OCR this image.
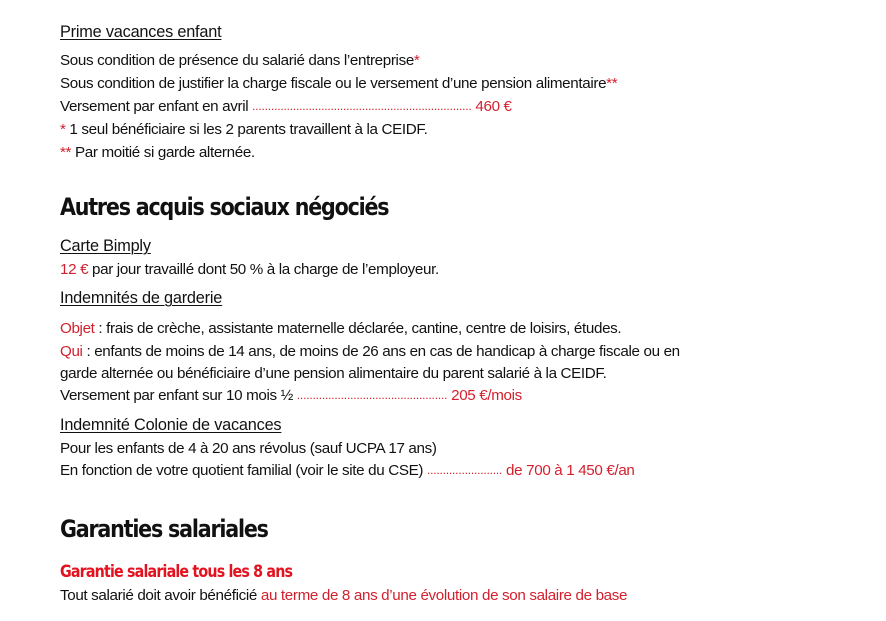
Prime vacances enfant
Sous condition de présence du salarié dans l’entreprise*
Sous condition de justifier la charge fiscale ou le versement d’une pension alimentaire**
Versement par enfant en avril ...................................................................... 460 €
* 1 seul bénéficiaire si les 2 parents travaillent à la CEIDF.
** Par moitié si garde alternée.
Autres acquis sociaux négociés
Carte Bimply
12 € par jour travaillé dont 50 % à la charge de l’employeur.
Indemnités de garderie
Objet : frais de crèche, assistante maternelle déclarée, cantine, centre de loisirs, études.
Qui : enfants de moins de 14 ans, de moins de 26 ans en cas de handicap à charge fiscale ou en
garde alternée ou bénéficiaire d’une pension alimentaire du parent salarié à la CEIDF.
Versement par enfant sur 10 mois ½ ................................................ 205 €/mois
Indemnité Colonie de vacances
Pour les enfants de 4 à 20 ans révolus (sauf UCPA 17 ans)
En fonction de votre quotient familial (voir le site du CSE) ........................ de 700 à 1 450 €/an
Garanties salariales
Garantie salariale tous les 8 ans
Tout salarié doit avoir bénéficié au terme de 8 ans d’une évolution de son salaire de base
